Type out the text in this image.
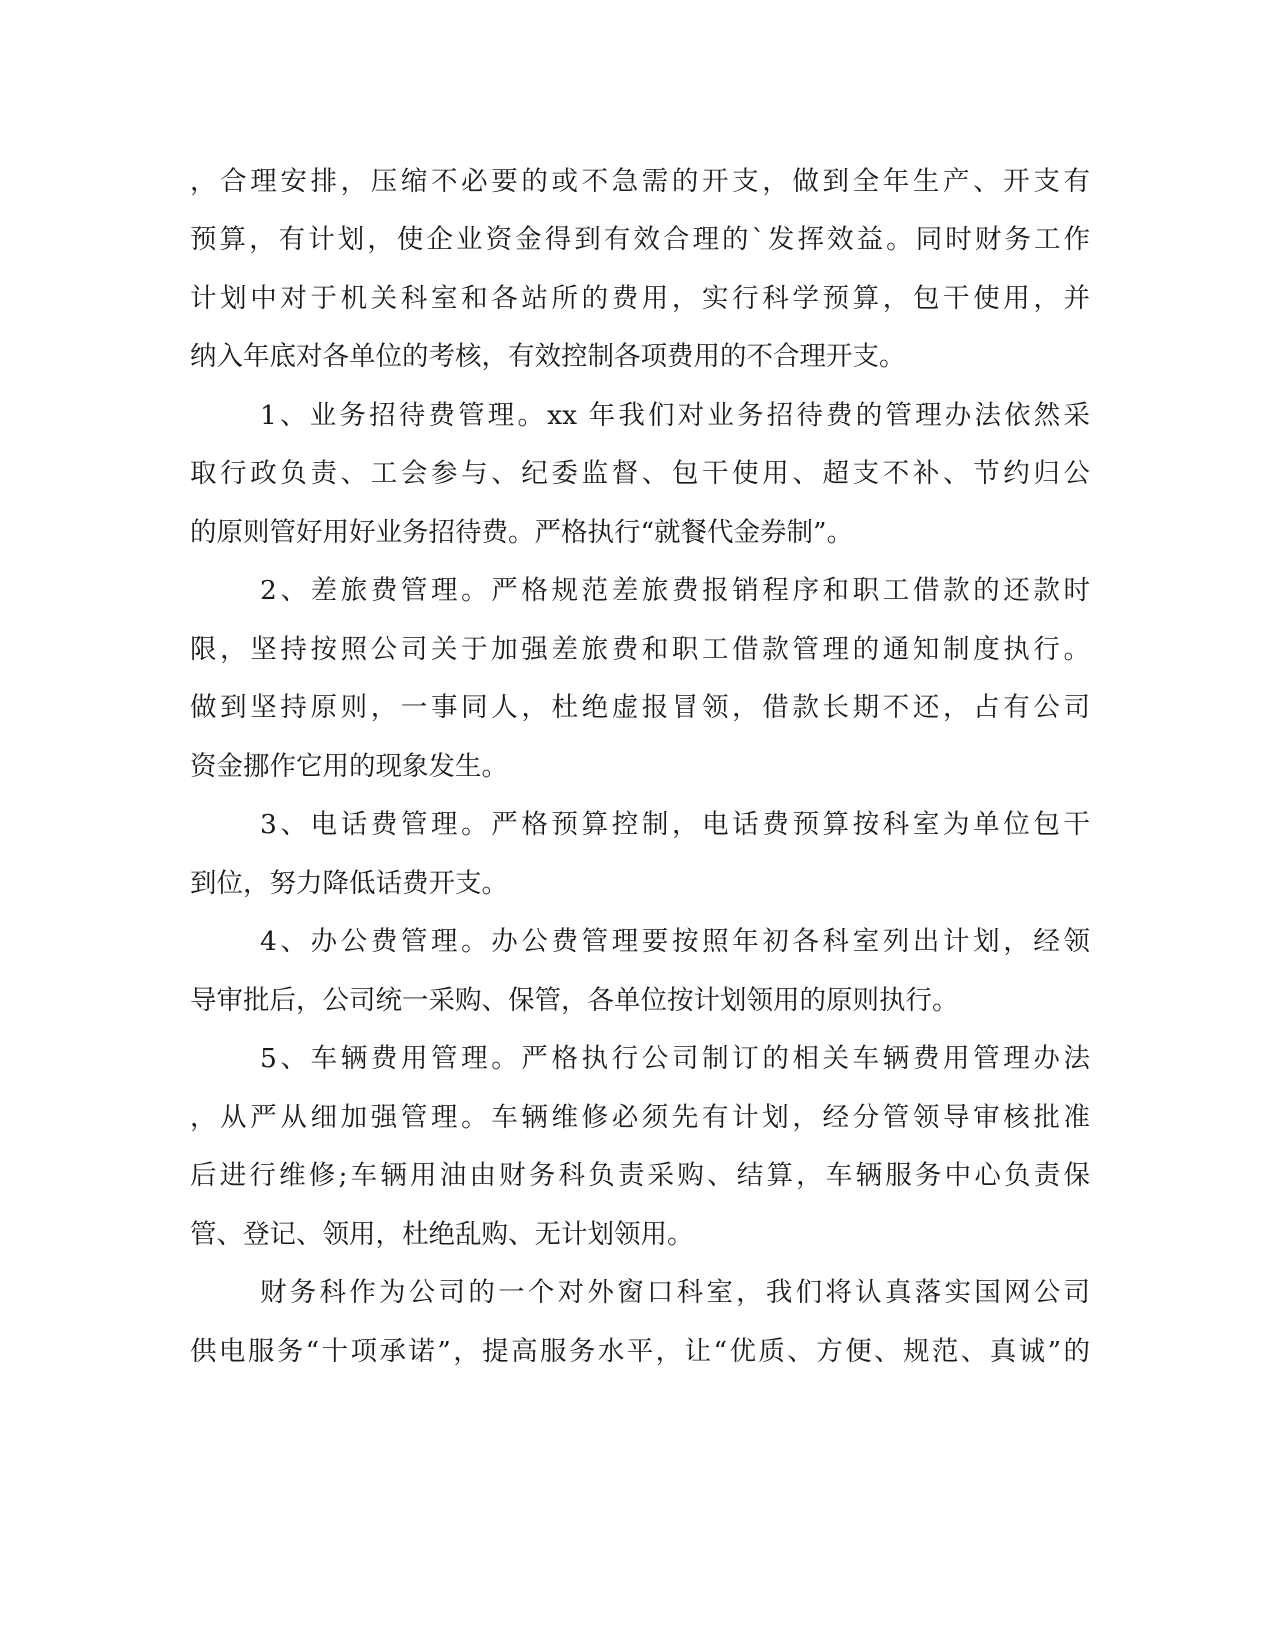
，合理安排，压缩不必要的或不急需的开支，做到全年生产、开支有
预算，有计划，使企业资金得到有效合理的`发挥效益。同时财务工作
计划中对于机关科室和各站所的费用，实行科学预算，包干使用，并
纳入年底对各单位的考核，有效控制各项费用的不合理开支。
1、业务招待费管理。xx 年我们对业务招待费的管理办法依然采
取行政负责、工会参与、纪委监督、包干使用、超支不补、节约归公
的原则管好用好业务招待费。严格执行“就餐代金券制”。
2、差旅费管理。严格规范差旅费报销程序和职工借款的还款时
限，坚持按照公司关于加强差旅费和职工借款管理的通知制度执行。
做到坚持原则，一事同人，杜绝虚报冒领，借款长期不还，占有公司
资金挪作它用的现象发生。
3、电话费管理。严格预算控制，电话费预算按科室为单位包干
到位，努力降低话费开支。
4、办公费管理。办公费管理要按照年初各科室列出计划，经领
导审批后，公司统一采购、保管，各单位按计划领用的原则执行。
5、车辆费用管理。严格执行公司制订的相关车辆费用管理办法
，从严从细加强管理。车辆维修必须先有计划，经分管领导审核批准
后进行维修;车辆用油由财务科负责采购、结算，车辆服务中心负责保
管、登记、领用，杜绝乱购、无计划领用。
财务科作为公司的一个对外窗口科室，我们将认真落实国网公司
供电服务“十项承诺”，提高服务水平，让“优质、方便、规范、真诚”的
